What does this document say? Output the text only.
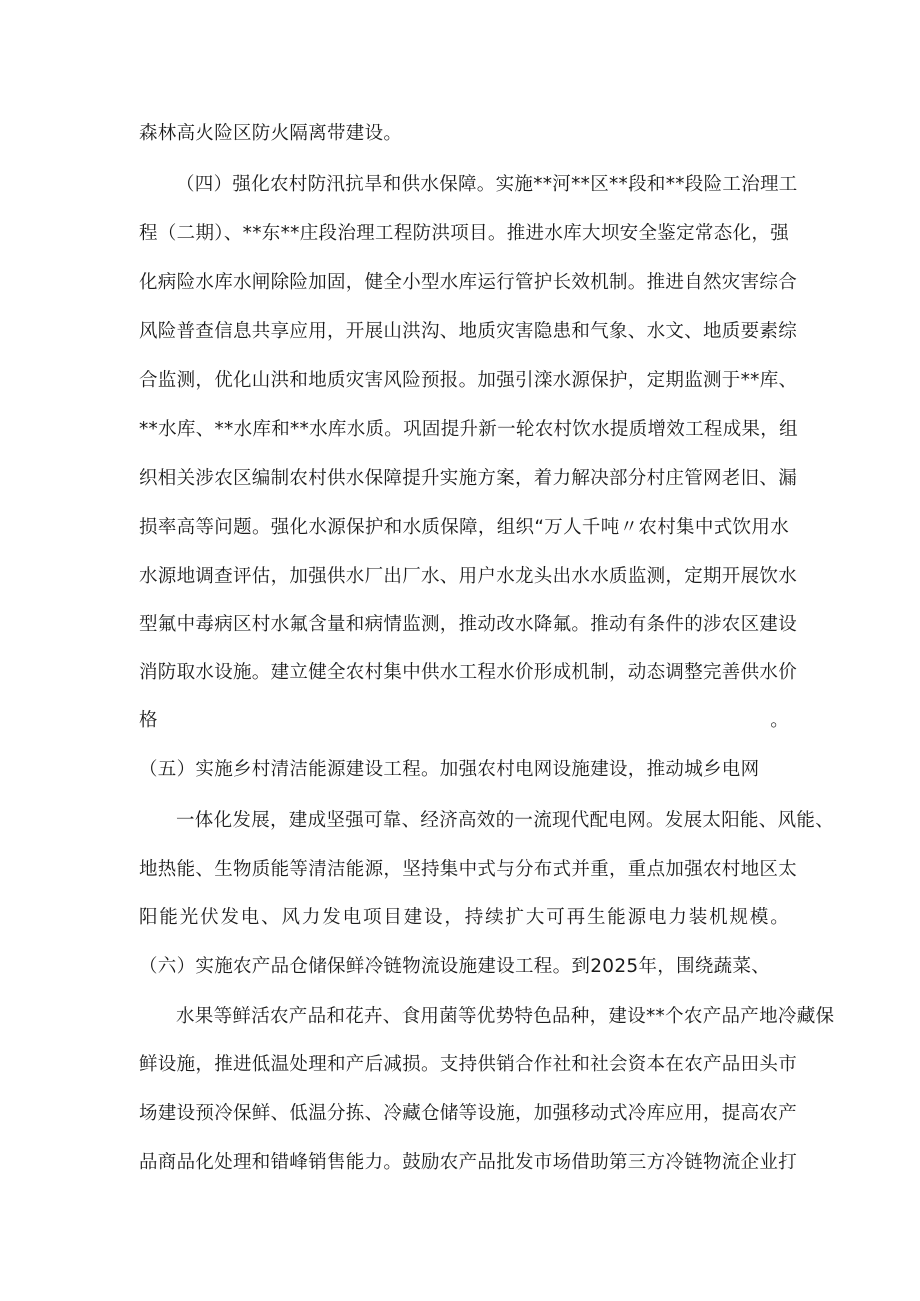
森林高火险区防火隔离带建设。
（四）强化农村防汛抗旱和供水保障。实施**河**区**段和**段险工治理工
程（二期）、**东**庄段治理工程防洪项目。推进水库大坝安全鉴定常态化，强
化病险水库水闸除险加固，健全小型水库运行管护长效机制。推进自然灾害综合
风险普查信息共享应用，开展山洪沟、地质灾害隐患和气象、水文、地质要素综
合监测，优化山洪和地质灾害风险预报。加强引滦水源保护，定期监测于**库、
**水库、**水库和**水库水质。巩固提升新一轮农村饮水提质增效工程成果，组
织相关涉农区编制农村供水保障提升实施方案，着力解决部分村庄管网老旧、漏
损率高等问题。强化水源保护和水质保障，组织“万人千吨〃农村集中式饮用水
水源地调查评估，加强供水厂出厂水、用户水龙头出水水质监测，定期开展饮水
型氟中毒病区村水氟含量和病情监测，推动改水降氟。推动有条件的涉农区建设
消防取水设施。建立健全农村集中供水工程水价形成机制，动态调整完善供水价
格。
（五）实施乡村清洁能源建设工程。加强农村电网设施建设，推动城乡电网
一体化发展，建成坚强可靠、经济高效的一流现代配电网。发展太阳能、风能、
地热能、生物质能等清洁能源，坚持集中式与分布式并重，重点加强农村地区太
阳能光伏发电、风力发电项目建设，持续扩大可再生能源电力装机规模。
（六）实施农产品仓储保鲜冷链物流设施建设工程。到2025年，围绕蔬菜、
水果等鲜活农产品和花卉、食用菌等优势特色品种，建设**个农产品产地冷藏保
鲜设施，推进低温处理和产后减损。支持供销合作社和社会资本在农产品田头市
场建设预冷保鲜、低温分拣、冷藏仓储等设施，加强移动式冷库应用，提高农产
品商品化处理和错峰销售能力。鼓励农产品批发市场借助第三方冷链物流企业打
